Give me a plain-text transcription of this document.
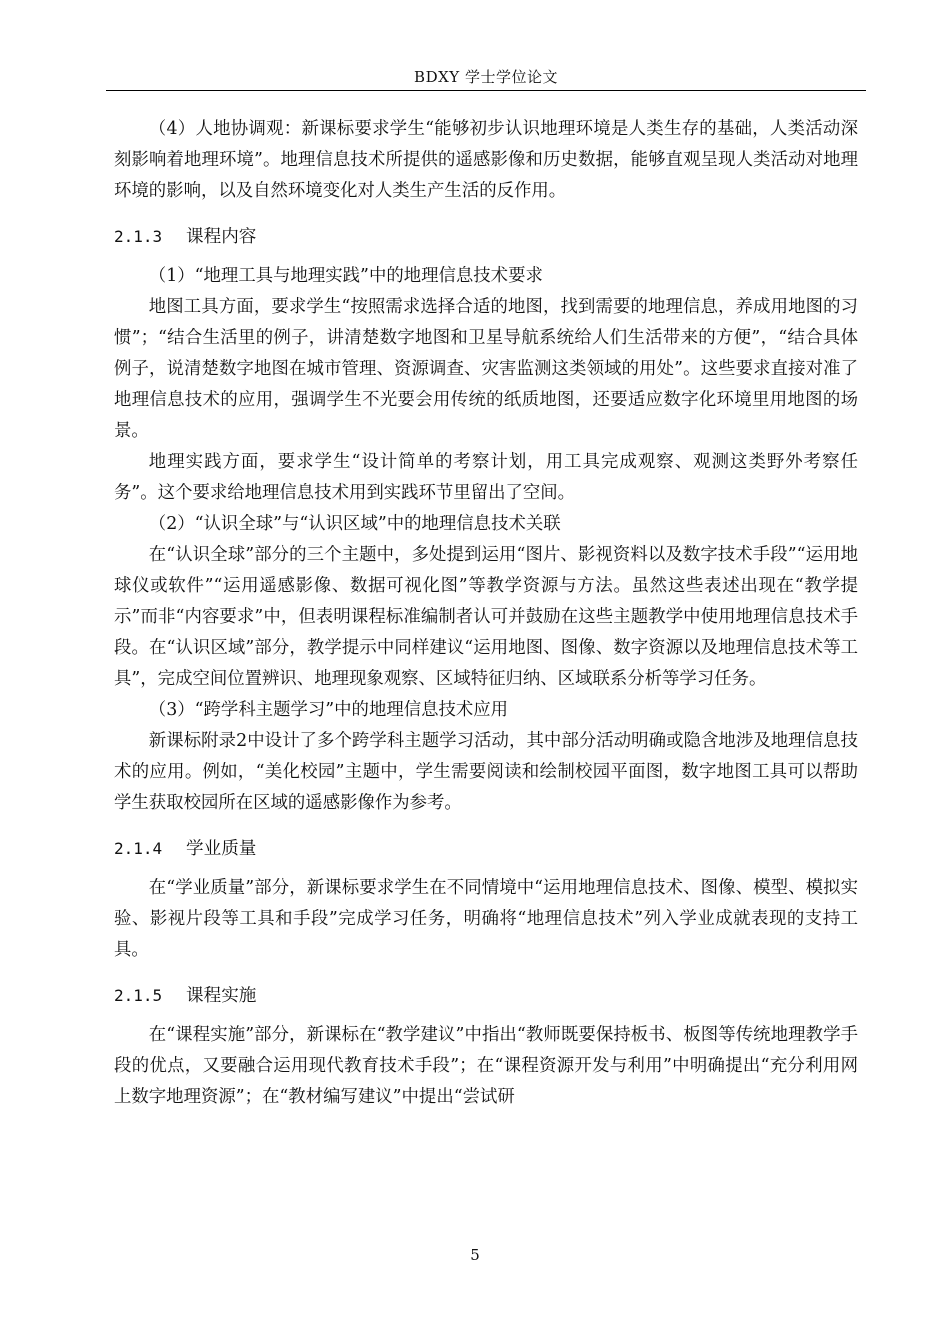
BDXY 学士学位论文

（4）人地协调观：新课标要求学生“能够初步认识地理环境是人类生存的基础，人类活动深刻影响着地理环境”。地理信息技术所提供的遥感影像和历史数据，能够直观呈现人类活动对地理环境的影响，以及自然环境变化对人类生产生活的反作用。

2.1.3 课程内容

（1）“地理工具与地理实践”中的地理信息技术要求

地图工具方面，要求学生“按照需求选择合适的地图，找到需要的地理信息，养成用地图的习惯”；“结合生活里的例子，讲清楚数字地图和卫星导航系统给人们生活带来的方便”，“结合具体例子，说清楚数字地图在城市管理、资源调查、灾害监测这类领域的用处”。这些要求直接对准了地理信息技术的应用，强调学生不光要会用传统的纸质地图，还要适应数字化环境里用地图的场景。

地理实践方面，要求学生“设计简单的考察计划，用工具完成观察、观测这类野外考察任务”。这个要求给地理信息技术用到实践环节里留出了空间。

（2）“认识全球”与“认识区域”中的地理信息技术关联

在“认识全球”部分的三个主题中，多处提到运用“图片、影视资料以及数字技术手段”“运用地球仪或软件”“运用遥感影像、数据可视化图”等教学资源与方法。虽然这些表述出现在“教学提示”而非“内容要求”中，但表明课程标准编制者认可并鼓励在这些主题教学中使用地理信息技术手段。在“认识区域”部分，教学提示中同样建议“运用地图、图像、数字资源以及地理信息技术等工具”，完成空间位置辨识、地理现象观察、区域特征归纳、区域联系分析等学习任务。

（3）“跨学科主题学习”中的地理信息技术应用

新课标附录2中设计了多个跨学科主题学习活动，其中部分活动明确或隐含地涉及地理信息技术的应用。例如，“美化校园”主题中，学生需要阅读和绘制校园平面图，数字地图工具可以帮助学生获取校园所在区域的遥感影像作为参考。

2.1.4 学业质量

在“学业质量”部分，新课标要求学生在不同情境中“运用地理信息技术、图像、模型、模拟实验、影视片段等工具和手段”完成学习任务，明确将“地理信息技术”列入学业成就表现的支持工具。

2.1.5 课程实施

在“课程实施”部分，新课标在“教学建议”中指出“教师既要保持板书、板图等传统地理教学手段的优点，又要融合运用现代教育技术手段”；在“课程资源开发与利用”中明确提出“充分利用网上数字地理资源”；在“教材编写建议”中提出“尝试研

5
